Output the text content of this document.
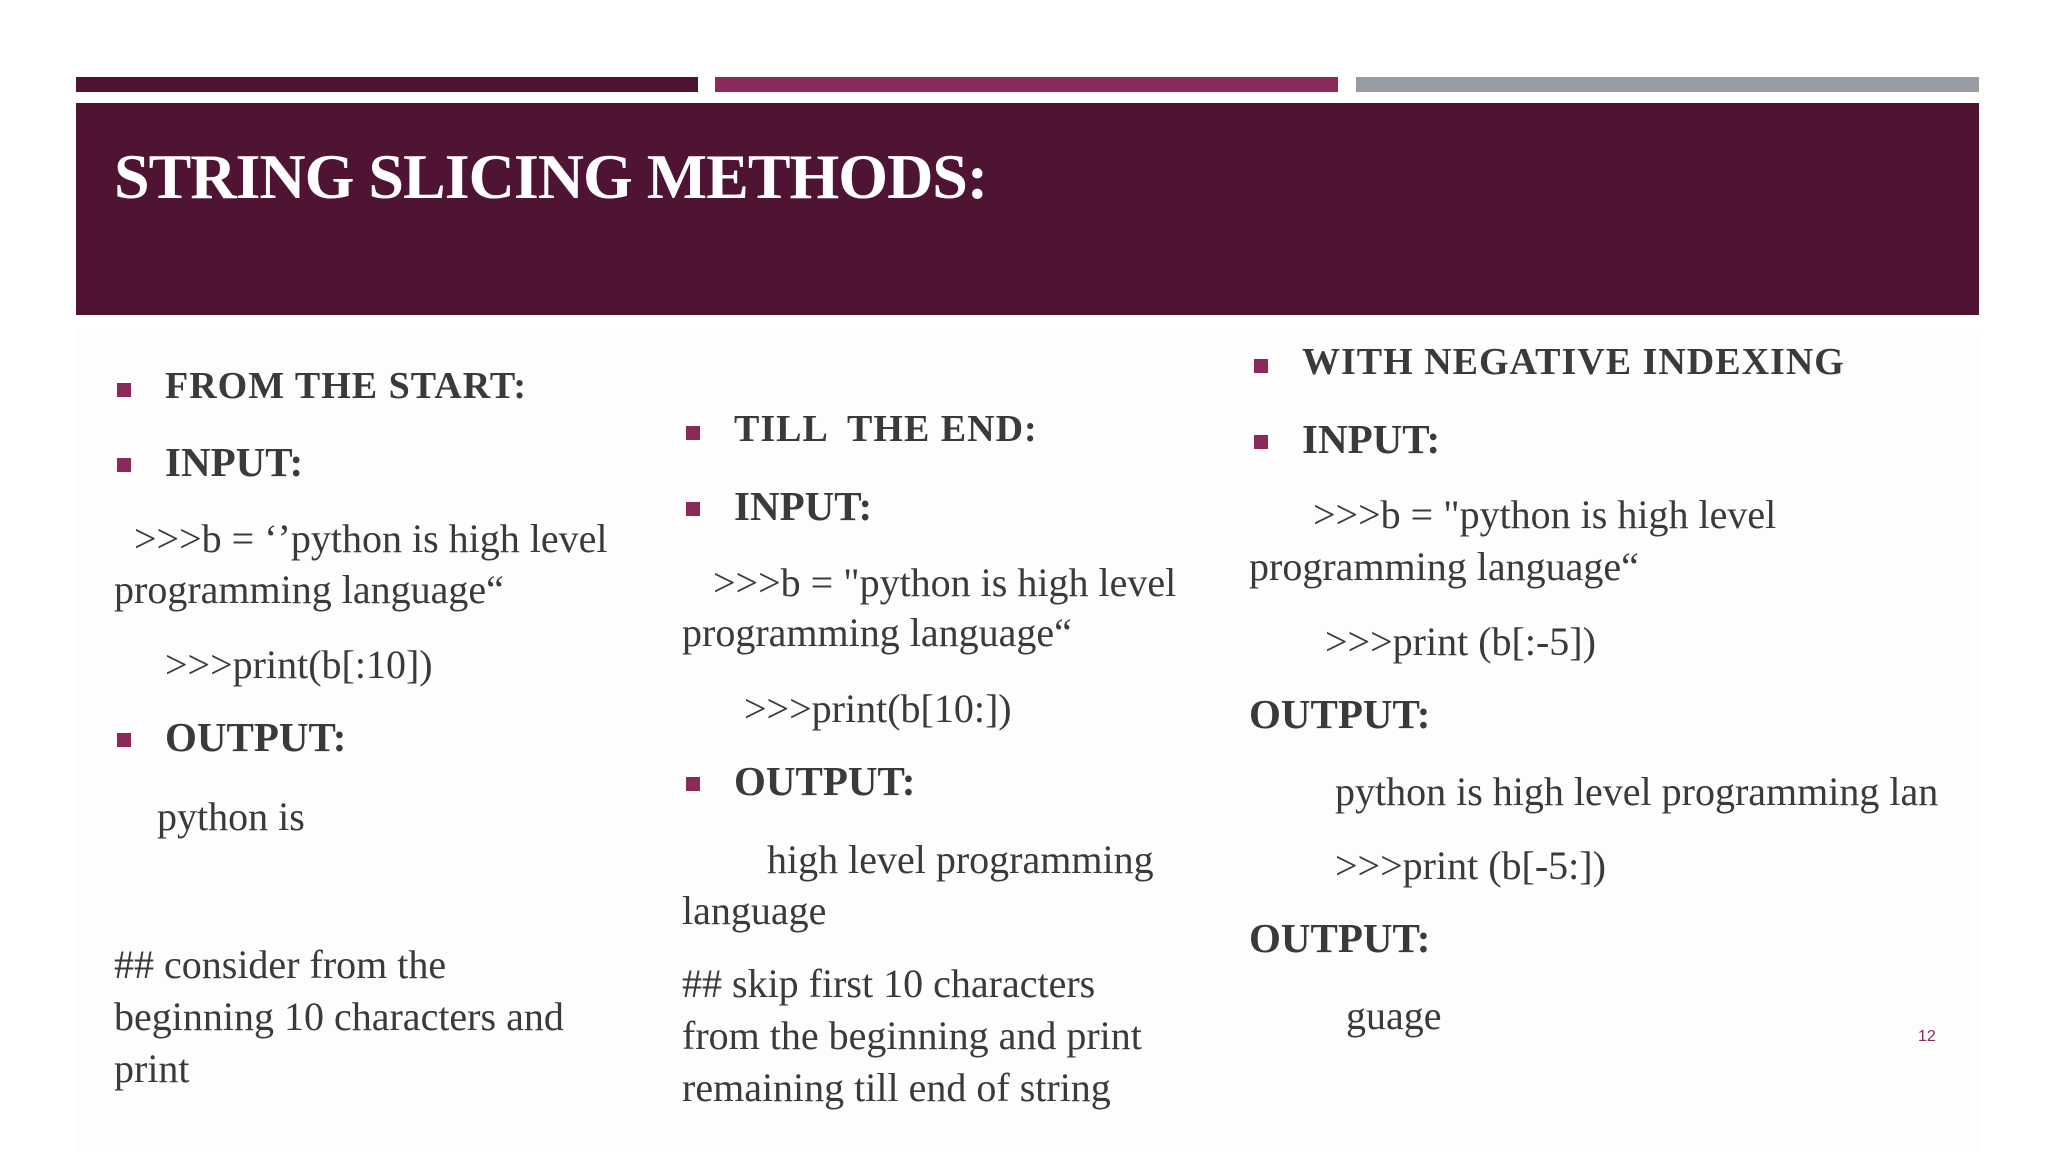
STRING SLICING METHODS:

FROM THE START:

INPUT:

>>>b = ‘’python is high level

programming language“

>>>print(b[:10])

OUTPUT:

python is

## consider from the

beginning 10 characters and

print

TILL  THE END:

INPUT:

>>>b = "python is high level

programming language“

>>>print(b[10:])

OUTPUT:

high level programming

language

## skip first 10 characters

from the beginning and print

remaining till end of string

WITH NEGATIVE INDEXING

INPUT:

>>>b = "python is high level

programming language“

>>>print (b[:-5])

OUTPUT:

python is high level programming lan

>>>print (b[-5:])

OUTPUT:

guage	12
